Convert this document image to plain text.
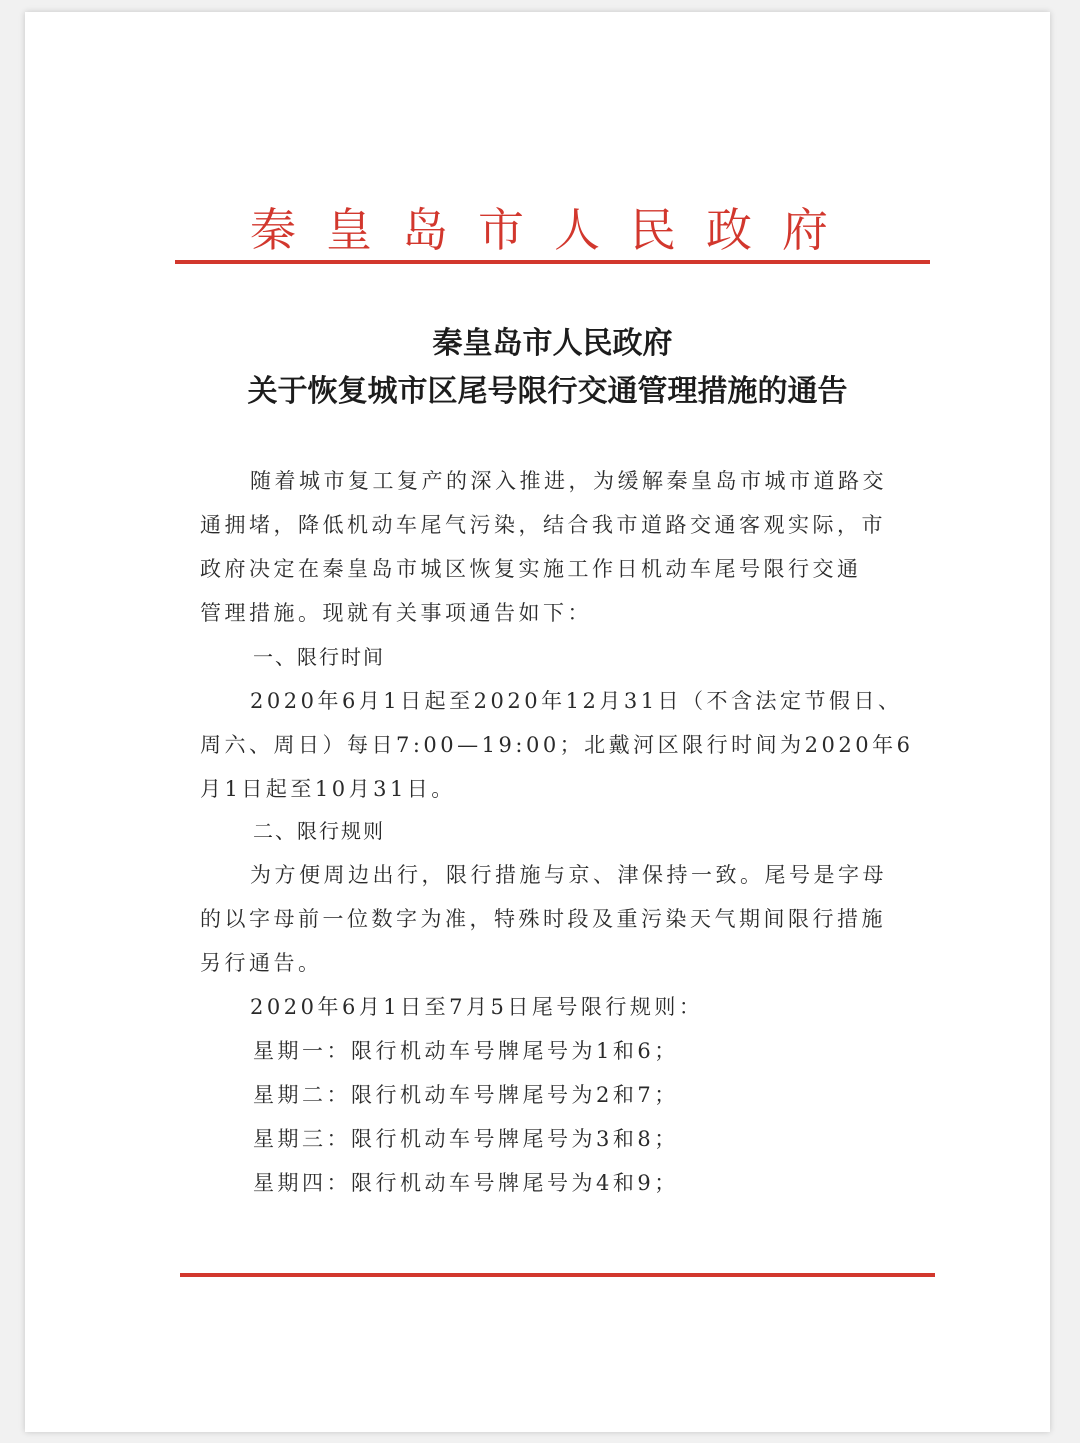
秦皇岛市人民政府
秦皇岛市人民政府
关于恢复城市区尾号限行交通管理措施的通告
随着城市复工复产的深入推进，为缓解秦皇岛市城市道路交
通拥堵，降低机动车尾气污染，结合我市道路交通客观实际，市
政府决定在秦皇岛市城区恢复实施工作日机动车尾号限行交通
管理措施。现就有关事项通告如下：
一、限行时间
2020年6月1日起至2020年12月31日（不含法定节假日、
周六、周日）每日7:00—19:00；北戴河区限行时间为2020年6
月1日起至10月31日。
二、限行规则
为方便周边出行，限行措施与京、津保持一致。尾号是字母
的以字母前一位数字为准，特殊时段及重污染天气期间限行措施
另行通告。
2020年6月1日至7月5日尾号限行规则：
星期一：限行机动车号牌尾号为1和6；
星期二：限行机动车号牌尾号为2和7；
星期三：限行机动车号牌尾号为3和8；
星期四：限行机动车号牌尾号为4和9；
